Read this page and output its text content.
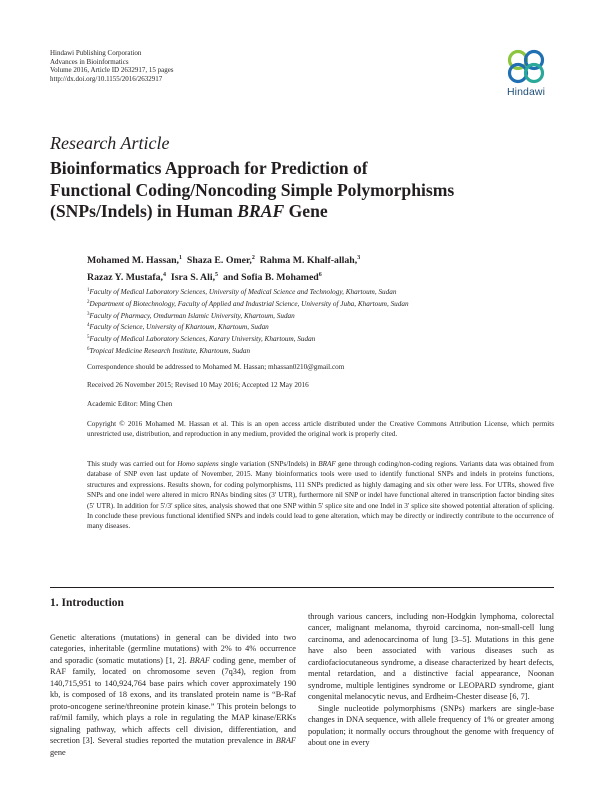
Hindawi Publishing Corporation
Advances in Bioinformatics
Volume 2016, Article ID 2632917, 15 pages
http://dx.doi.org/10.1155/2016/2632917
Hindawi
Research Article
Bioinformatics Approach for Prediction of
Functional Coding/Noncoding Simple Polymorphisms
(SNPs/Indels) in Human BRAF Gene
Mohamed M. Hassan,$^1$ Shaza E. Omer,$^2$ Rahma M. Khalf-allah,$^3$
Razaz Y. Mustafa,$^4$ Isra S. Ali,$^5$ and Sofia B. Mohamed$^6$
$^1$Faculty of Medical Laboratory Sciences, University of Medical Science and Technology, Khartoum, Sudan
$^2$Department of Biotechnology, Faculty of Applied and Industrial Science, University of Juba, Khartoum, Sudan
$^3$Faculty of Pharmacy, Omdurman Islamic University, Khartoum, Sudan
$^4$Faculty of Science, University of Khartoum, Khartoum, Sudan
$^5$Faculty of Medical Laboratory Sciences, Karary University, Khartoum, Sudan
$^6$Tropical Medicine Research Institute, Khartoum, Sudan
Correspondence should be addressed to Mohamed M. Hassan; mhassan0210@gmail.com
Received 26 November 2015; Revised 10 May 2016; Accepted 12 May 2016
Academic Editor: Ming Chen
Copyright © 2016 Mohamed M. Hassan et al. This is an open access article distributed under the Creative Commons Attribution License, which permits unrestricted use, distribution, and reproduction in any medium, provided the original work is properly cited.
This study was carried out for Homo sapiens single variation (SNPs/Indels) in BRAF gene through coding/non-coding regions. Variants data was obtained from database of SNP even last update of November, 2015. Many bioinformatics tools were used to identify functional SNPs and indels in proteins functions, structures and expressions. Results shown, for coding polymorphisms, 111 SNPs predicted as highly damaging and six other were less. For UTRs, showed five SNPs and one indel were altered in micro RNAs binding sites (3′ UTR), furthermore nil SNP or indel have functional altered in transcription factor binding sites (5′ UTR). In addition for 5′/3′ splice sites, analysis showed that one SNP within 5′ splice site and one Indel in 3′ splice site showed potential alteration of splicing. In conclude these previous functional identified SNPs and indels could lead to gene alteration, which may be directly or indirectly contribute to the occurrence of many diseases.
1. Introduction

Genetic alterations (mutations) in general can be divided into two categories, inheritable (germline mutations) with 2% to 4% occurrence and sporadic (somatic mutations) [1, 2]. BRAF coding gene, member of RAF family, located on chromosome seven (7q34), region from 140,715,951 to 140,924,764 base pairs which cover approximately 190 kb, is composed of 18 exons, and its translated protein name is “B-Raf proto-oncogene serine/threonine protein kinase.” This protein belongs to raf/mil family, which plays a role in regulating the MAP kinase/ERKs signaling pathway, which affects cell division, differentiation, and secretion [3]. Several studies reported the mutation prevalence in BRAF gene

through various cancers, including non-Hodgkin lymphoma, colorectal cancer, malignant melanoma, thyroid carcinoma, non-small-cell lung carcinoma, and adenocarcinoma of lung [3–5]. Mutations in this gene have also been associated with various diseases such as cardiofaciocutaneous syndrome, a disease characterized by heart defects, mental retardation, and a distinctive facial appearance, Noonan syndrome, multiple lentigines syndrome or LEOPARD syndrome, giant congenital melanocytic nevus, and Erdheim-Chester disease [6, 7].

Single nucleotide polymorphisms (SNPs) markers are single-base changes in DNA sequence, with allele frequency of 1% or greater among population; it normally occurs throughout the genome with frequency of about one in every
